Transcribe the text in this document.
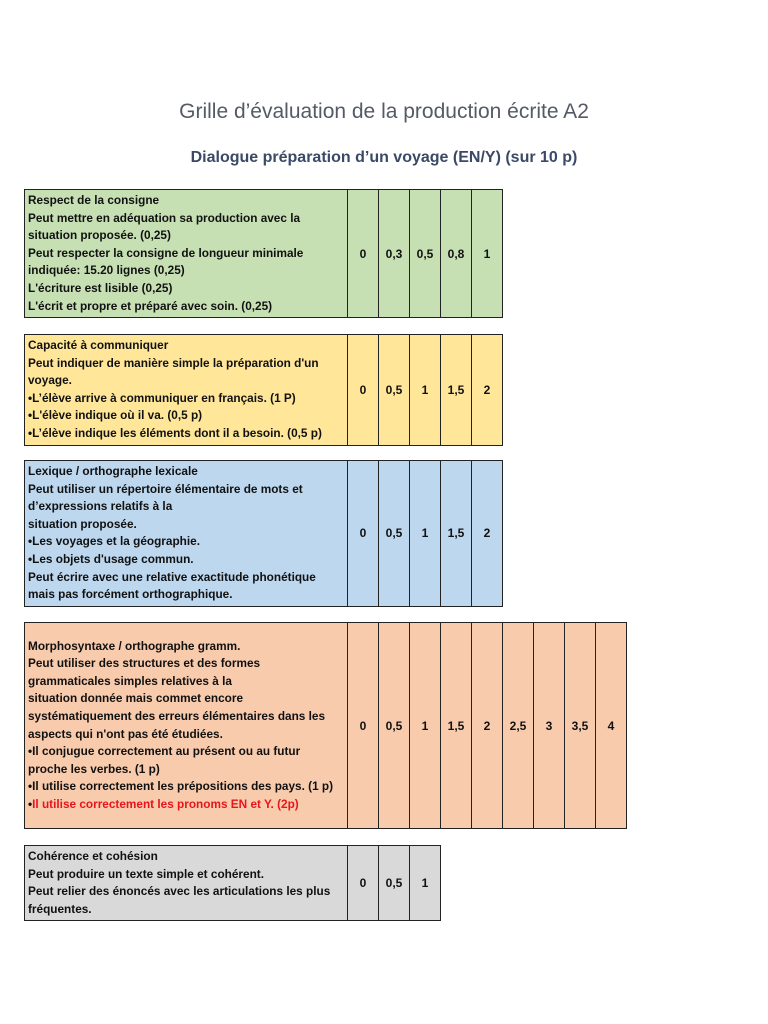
Grille d’évaluation de la production écrite A2
Dialogue préparation d’un voyage (EN/Y) (sur 10 p)
Respect de la consigne
Peut mettre en adéquation sa production avec la
situation proposée. (0,25)
Peut respecter la consigne de longueur minimale
indiquée: 15.20 lignes (0,25)
L'écriture est lisible (0,25)
L'écrit et propre et préparé avec soin. (0,25)
	0	0,3	0,5	0,8	1
Capacité à communiquer
Peut indiquer de manière simple la préparation d'un
voyage.
•L’élève arrive à communiquer en français. (1 P)
•L'élève indique où il va. (0,5 p)
•L’élève indique les éléments dont il a besoin. (0,5 p)
	0	0,5	1	1,5	2
Lexique / orthographe lexicale
Peut utiliser un répertoire élémentaire de mots et
d’expressions relatifs à la
situation proposée.
•Les voyages et la géographie.
•Les objets d'usage commun.
Peut écrire avec une relative exactitude phonétique
mais pas forcément orthographique.
	0	0,5	1	1,5	2
Morphosyntaxe / orthographe gramm.
Peut utiliser des structures et des formes
grammaticales simples relatives à la
situation donnée mais commet encore
systématiquement des erreurs élémentaires dans les
aspects qui n'ont pas été étudiées.
•Il conjugue correctement au présent ou au futur
proche les verbes. (1 p)
•Il utilise correctement les prépositions des pays. (1 p)
•Il utilise correctement les pronoms EN et Y. (2p)
	0	0,5	1	1,5	2	2,5	3	3,5	4
Cohérence et cohésion
Peut produire un texte simple et cohérent.
Peut relier des énoncés avec les articulations les plus
fréquentes.
	0	0,5	1
